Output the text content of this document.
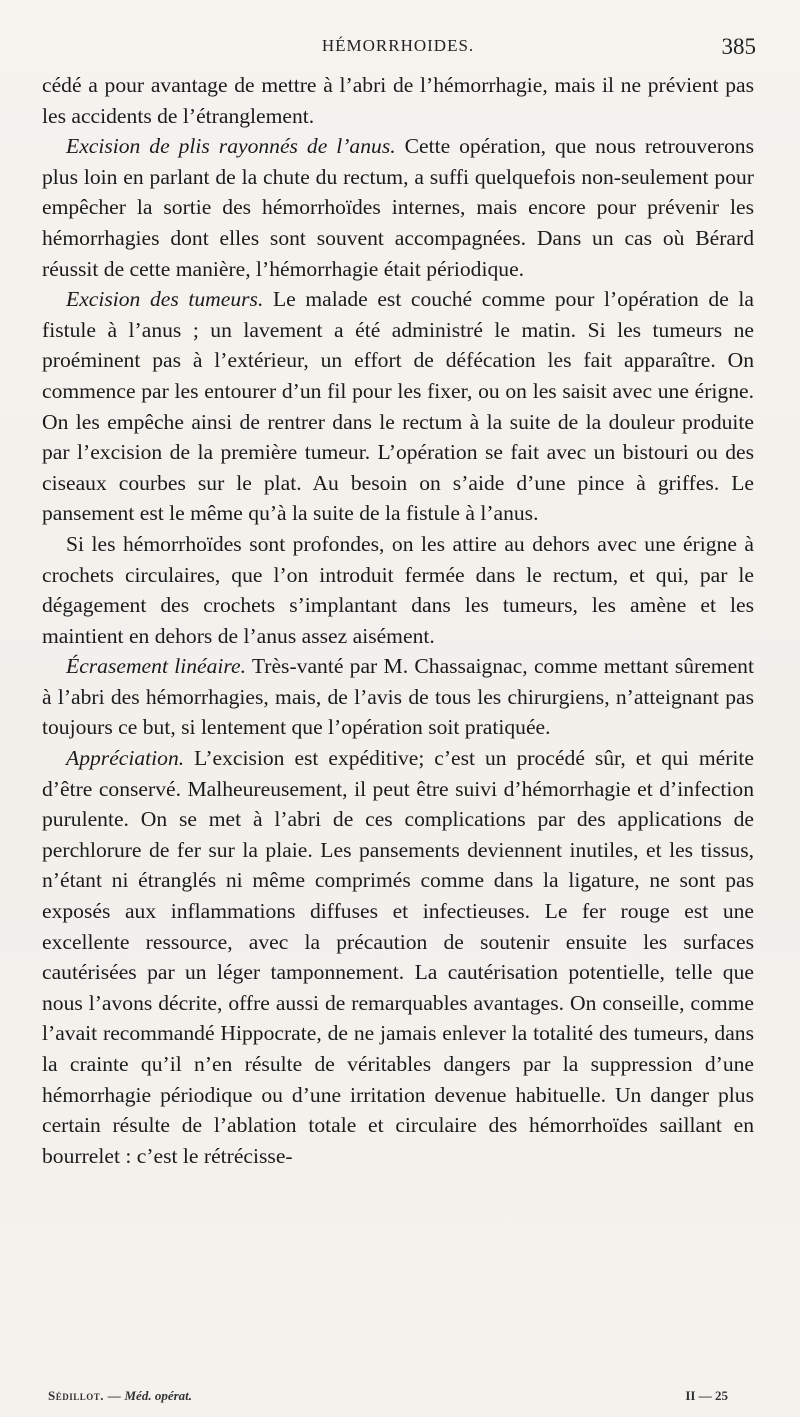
HÉMORRHOIDES.	385

cédé a pour avantage de mettre à l’abri de l’hémorrhagie, mais il ne prévient pas les accidents de l’étranglement.

Excision de plis rayonnés de l’anus. Cette opération, que nous retrouverons plus loin en parlant de la chute du rectum, a suffi quelquefois non-seulement pour empêcher la sortie des hémorrhoïdes internes, mais encore pour prévenir les hémorrhagies dont elles sont souvent accompagnées. Dans un cas où Bérard réussit de cette manière, l’hémorrhagie était périodique.

Excision des tumeurs. Le malade est couché comme pour l’opération de la fistule à l’anus ; un lavement a été administré le matin. Si les tumeurs ne proéminent pas à l’extérieur, un effort de défécation les fait apparaître. On commence par les entourer d’un fil pour les fixer, ou on les saisit avec une érigne. On les empêche ainsi de rentrer dans le rectum à la suite de la douleur produite par l’excision de la première tumeur. L’opération se fait avec un bistouri ou des ciseaux courbes sur le plat. Au besoin on s’aide d’une pince à griffes. Le pansement est le même qu’à la suite de la fistule à l’anus.

Si les hémorrhoïdes sont profondes, on les attire au dehors avec une érigne à crochets circulaires, que l’on introduit fermée dans le rectum, et qui, par le dégagement des crochets s’implantant dans les tumeurs, les amène et les maintient en dehors de l’anus assez aisément.

Écrasement linéaire. Très-vanté par M. Chassaignac, comme mettant sûrement à l’abri des hémorrhagies, mais, de l’avis de tous les chirurgiens, n’atteignant pas toujours ce but, si lentement que l’opération soit pratiquée.

Appréciation. L’excision est expéditive; c’est un procédé sûr, et qui mérite d’être conservé. Malheureusement, il peut être suivi d’hémorrhagie et d’infection purulente. On se met à l’abri de ces complications par des applications de perchlorure de fer sur la plaie. Les pansements deviennent inutiles, et les tissus, n’étant ni étranglés ni même comprimés comme dans la ligature, ne sont pas exposés aux inflammations diffuses et infectieuses. Le fer rouge est une excellente ressource, avec la précaution de soutenir ensuite les surfaces cautérisées par un léger tamponnement. La cautérisation potentielle, telle que nous l’avons décrite, offre aussi de remarquables avantages. On conseille, comme l’avait recommandé Hippocrate, de ne jamais enlever la totalité des tumeurs, dans la crainte qu’il n’en résulte de véritables dangers par la suppression d’une hémorrhagie périodique ou d’une irritation devenue habituelle. Un danger plus certain résulte de l’ablation totale et circulaire des hémorrhoïdes saillant en bourrelet : c’est le rétrécisse-

Sédillot. — Méd. opérat.	II — 25
